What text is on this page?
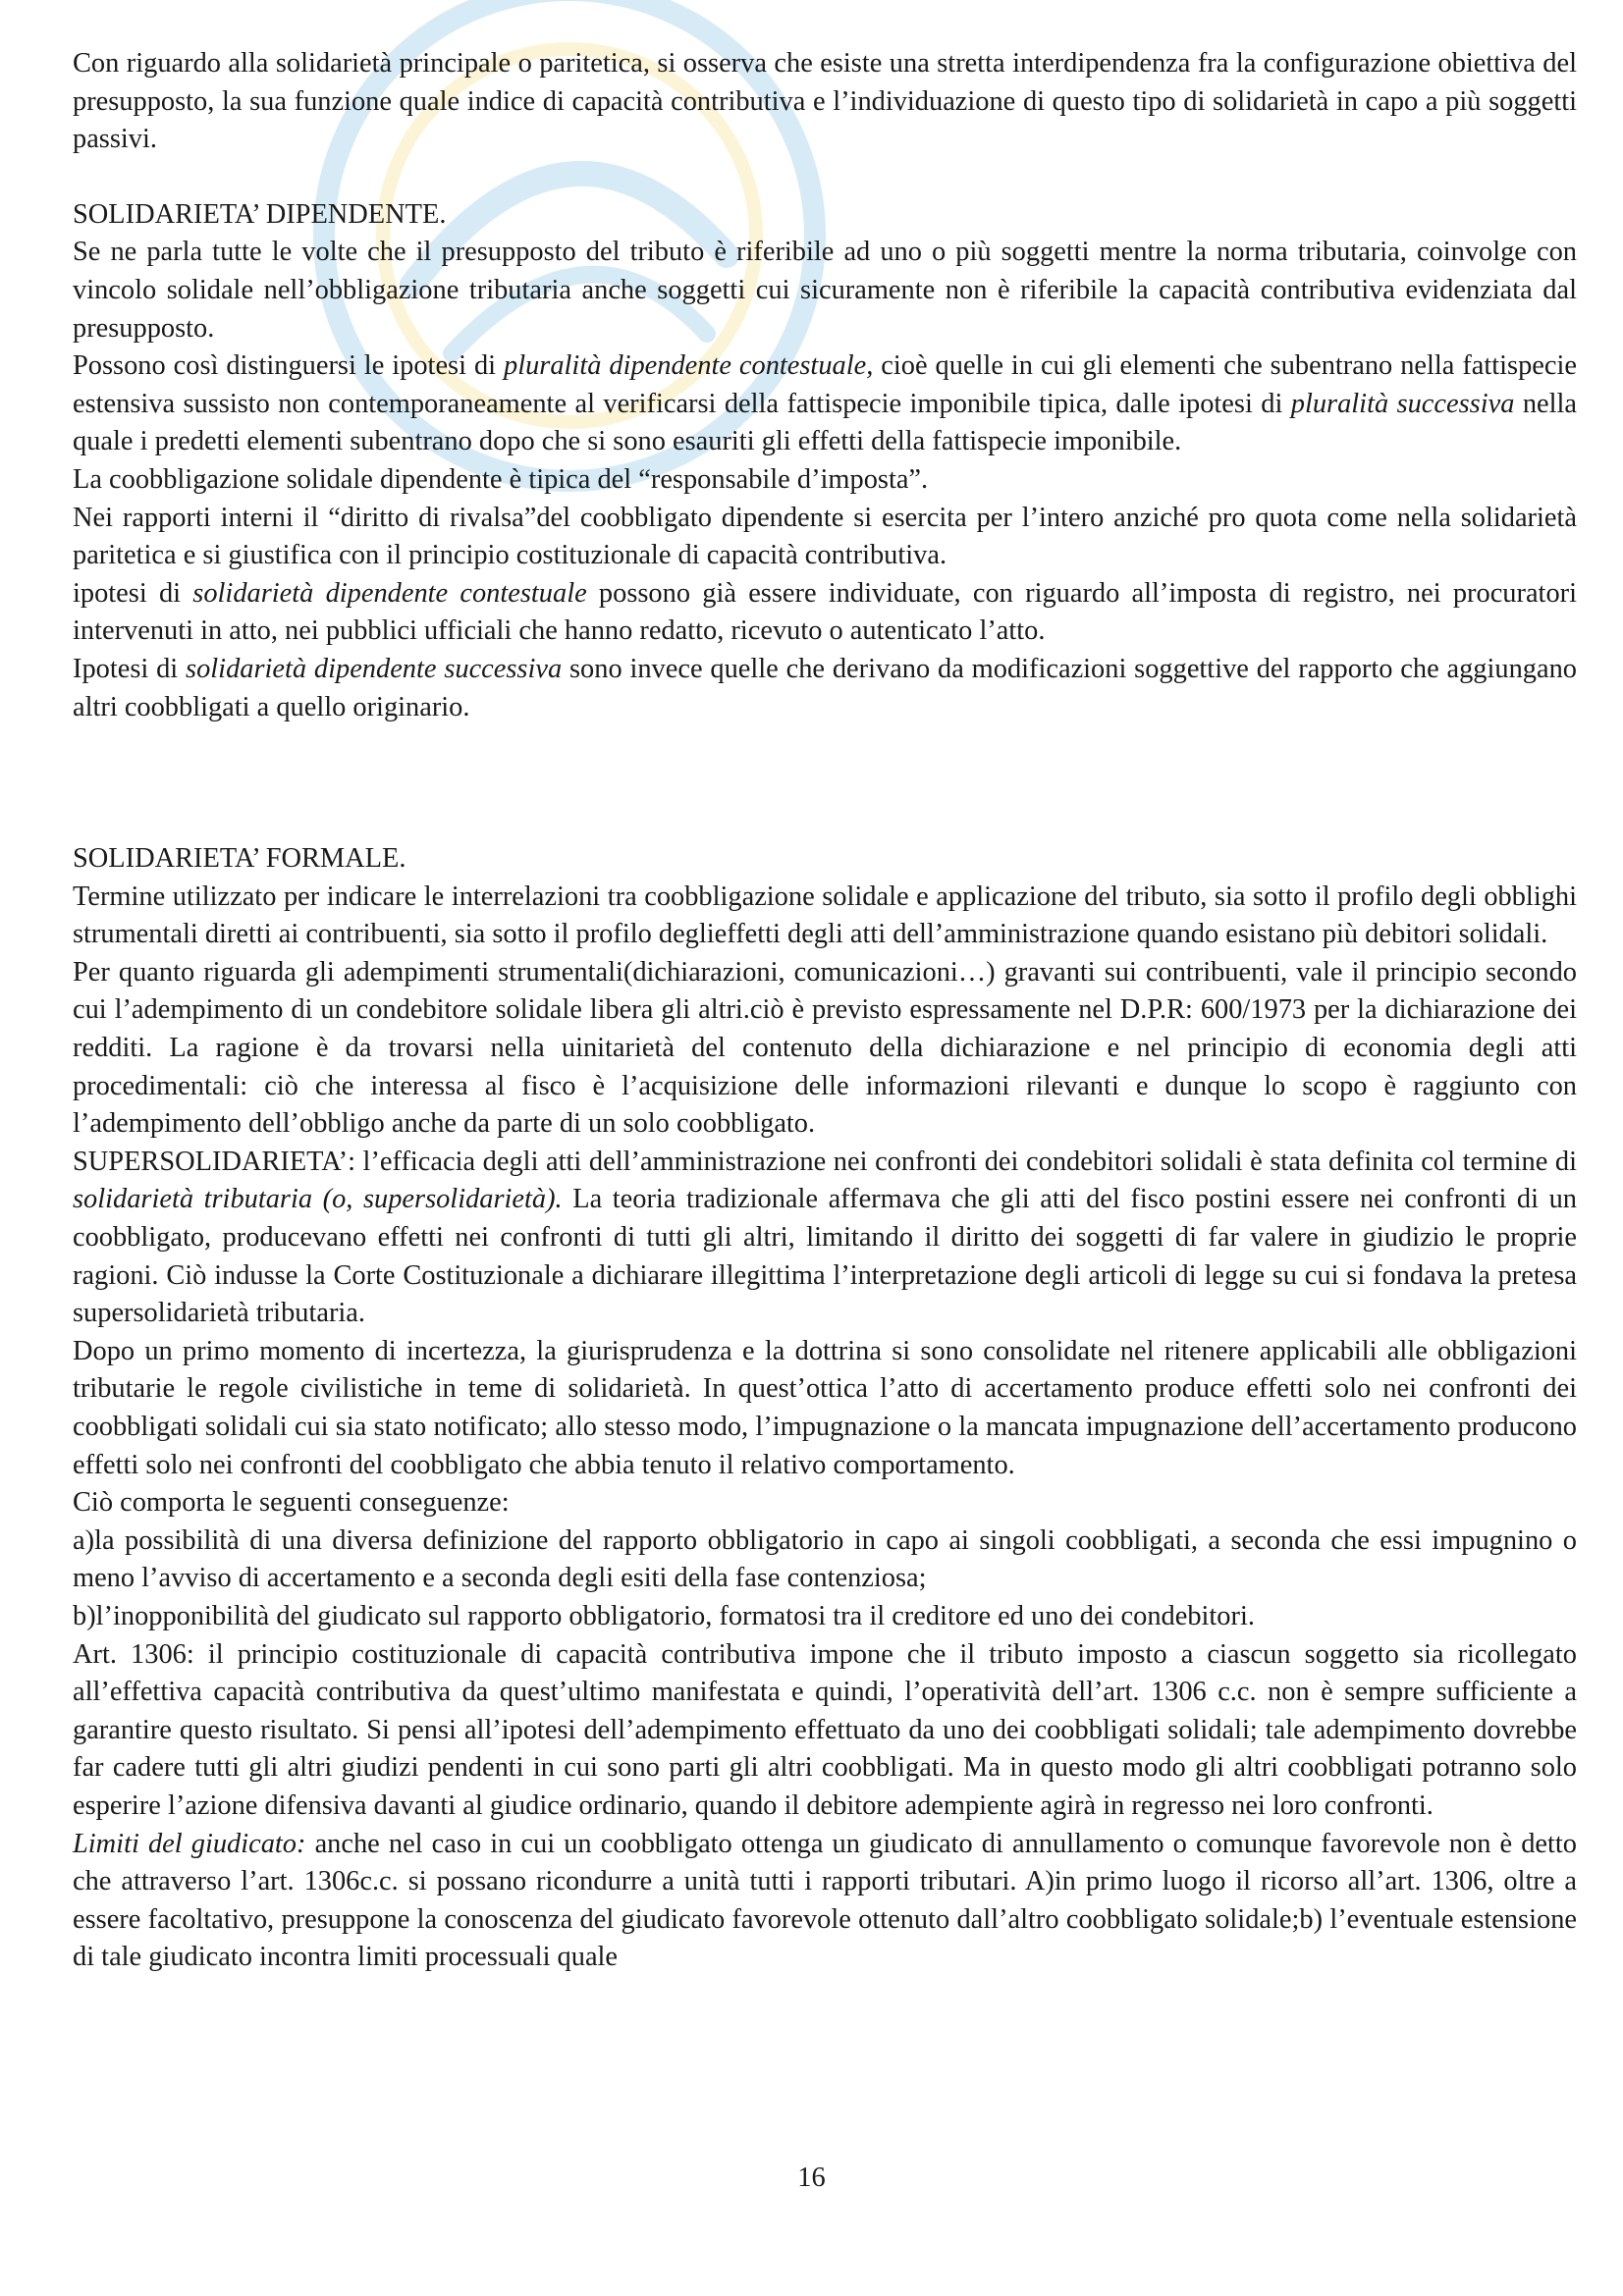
Con riguardo alla solidarietà principale o paritetica, si osserva che esiste una stretta interdipendenza fra la configurazione obiettiva del presupposto, la sua funzione quale indice di capacità contributiva e l’individuazione di questo tipo di solidarietà in capo a più soggetti passivi.

SOLIDARIETA’ DIPENDENTE.

Se ne parla tutte le volte che il presupposto del tributo è riferibile ad uno o più soggetti mentre la norma tributaria, coinvolge con vincolo solidale nell’obbligazione tributaria anche soggetti cui sicuramente non è riferibile la capacità contributiva evidenziata dal presupposto.

Possono così distinguersi le ipotesi di pluralità dipendente contestuale, cioè quelle in cui gli elementi che subentrano nella fattispecie estensiva sussisto non contemporaneamente al verificarsi della fattispecie imponibile tipica, dalle ipotesi di pluralità successiva nella quale i predetti elementi subentrano dopo che si sono esauriti gli effetti della fattispecie imponibile.

La coobbligazione solidale dipendente è tipica del “responsabile d’imposta”.

Nei rapporti interni il “diritto di rivalsa”del coobbligato dipendente si esercita per l’intero anziché pro quota come nella solidarietà paritetica e si giustifica con il principio costituzionale di capacità contributiva.

ipotesi di solidarietà dipendente contestuale possono già essere individuate, con riguardo all’imposta di registro, nei procuratori intervenuti in atto, nei pubblici ufficiali che hanno redatto, ricevuto o autenticato l’atto.

Ipotesi di solidarietà dipendente successiva sono invece quelle che derivano da modificazioni soggettive del rapporto che aggiungano altri coobbligati a quello originario.

SOLIDARIETA’ FORMALE.

Termine utilizzato per indicare le interrelazioni tra coobbligazione solidale e applicazione del tributo, sia sotto il profilo degli obblighi strumentali diretti ai contribuenti, sia sotto il profilo deglieffetti degli atti dell’amministrazione quando esistano più debitori solidali.

Per quanto riguarda gli adempimenti strumentali(dichiarazioni, comunicazioni…) gravanti sui contribuenti, vale il principio secondo cui l’adempimento di un condebitore solidale libera gli altri.ciò è previsto espressamente nel D.P.R: 600/1973 per la dichiarazione dei redditi. La ragione è da trovarsi nella uinitarietà del contenuto della dichiarazione e nel principio di economia degli atti procedimentali: ciò che interessa al fisco è l’acquisizione delle informazioni rilevanti e dunque lo scopo è raggiunto con l’adempimento dell’obbligo anche da parte di un solo coobbligato.

SUPERSOLIDARIETA’: l’efficacia degli atti dell’amministrazione nei confronti dei condebitori solidali è stata definita col termine di solidarietà tributaria (o, supersolidarietà). La teoria tradizionale affermava che gli atti del fisco postini essere nei confronti di un coobbligato, producevano effetti nei confronti di tutti gli altri, limitando il diritto dei soggetti di far valere in giudizio le proprie ragioni. Ciò indusse la Corte Costituzionale a dichiarare illegittima l’interpretazione degli articoli di legge su cui si fondava la pretesa supersolidarietà tributaria.

Dopo un primo momento di incertezza, la giurisprudenza e la dottrina si sono consolidate nel ritenere applicabili alle obbligazioni tributarie le regole civilistiche in teme di solidarietà. In quest’ottica l’atto di accertamento produce effetti solo nei confronti dei coobbligati solidali cui sia stato notificato; allo stesso modo, l’impugnazione o la mancata impugnazione dell’accertamento producono effetti solo nei confronti del coobbligato che abbia tenuto il relativo comportamento.

Ciò comporta le seguenti conseguenze:

a)la possibilità di una diversa definizione del rapporto obbligatorio in capo ai singoli coobbligati, a seconda che essi impugnino o meno l’avviso di accertamento e a seconda degli esiti della fase contenziosa;

b)l’inopponibilità del giudicato sul rapporto obbligatorio, formatosi tra il creditore ed uno dei condebitori.

Art. 1306: il principio costituzionale di capacità contributiva impone che il tributo imposto a ciascun soggetto sia ricollegato all’effettiva capacità contributiva da quest’ultimo manifestata e quindi, l’operatività dell’art. 1306 c.c. non è sempre sufficiente a garantire questo risultato. Si pensi all’ipotesi dell’adempimento effettuato da uno dei coobbligati solidali; tale adempimento dovrebbe far cadere tutti gli altri giudizi pendenti in cui sono parti gli altri coobbligati. Ma in questo modo gli altri coobbligati potranno solo esperire l’azione difensiva davanti al giudice ordinario, quando il debitore adempiente agirà in regresso nei loro confronti.

Limiti del giudicato: anche nel caso in cui un coobbligato ottenga un giudicato di annullamento o comunque favorevole non è detto che attraverso l’art. 1306c.c. si possano ricondurre a unità tutti i rapporti tributari. A)in primo luogo il ricorso all’art. 1306, oltre a essere facoltativo, presuppone la conoscenza del giudicato favorevole ottenuto dall’altro coobbligato solidale;b) l’eventuale estensione di tale giudicato incontra limiti processuali quale

16
